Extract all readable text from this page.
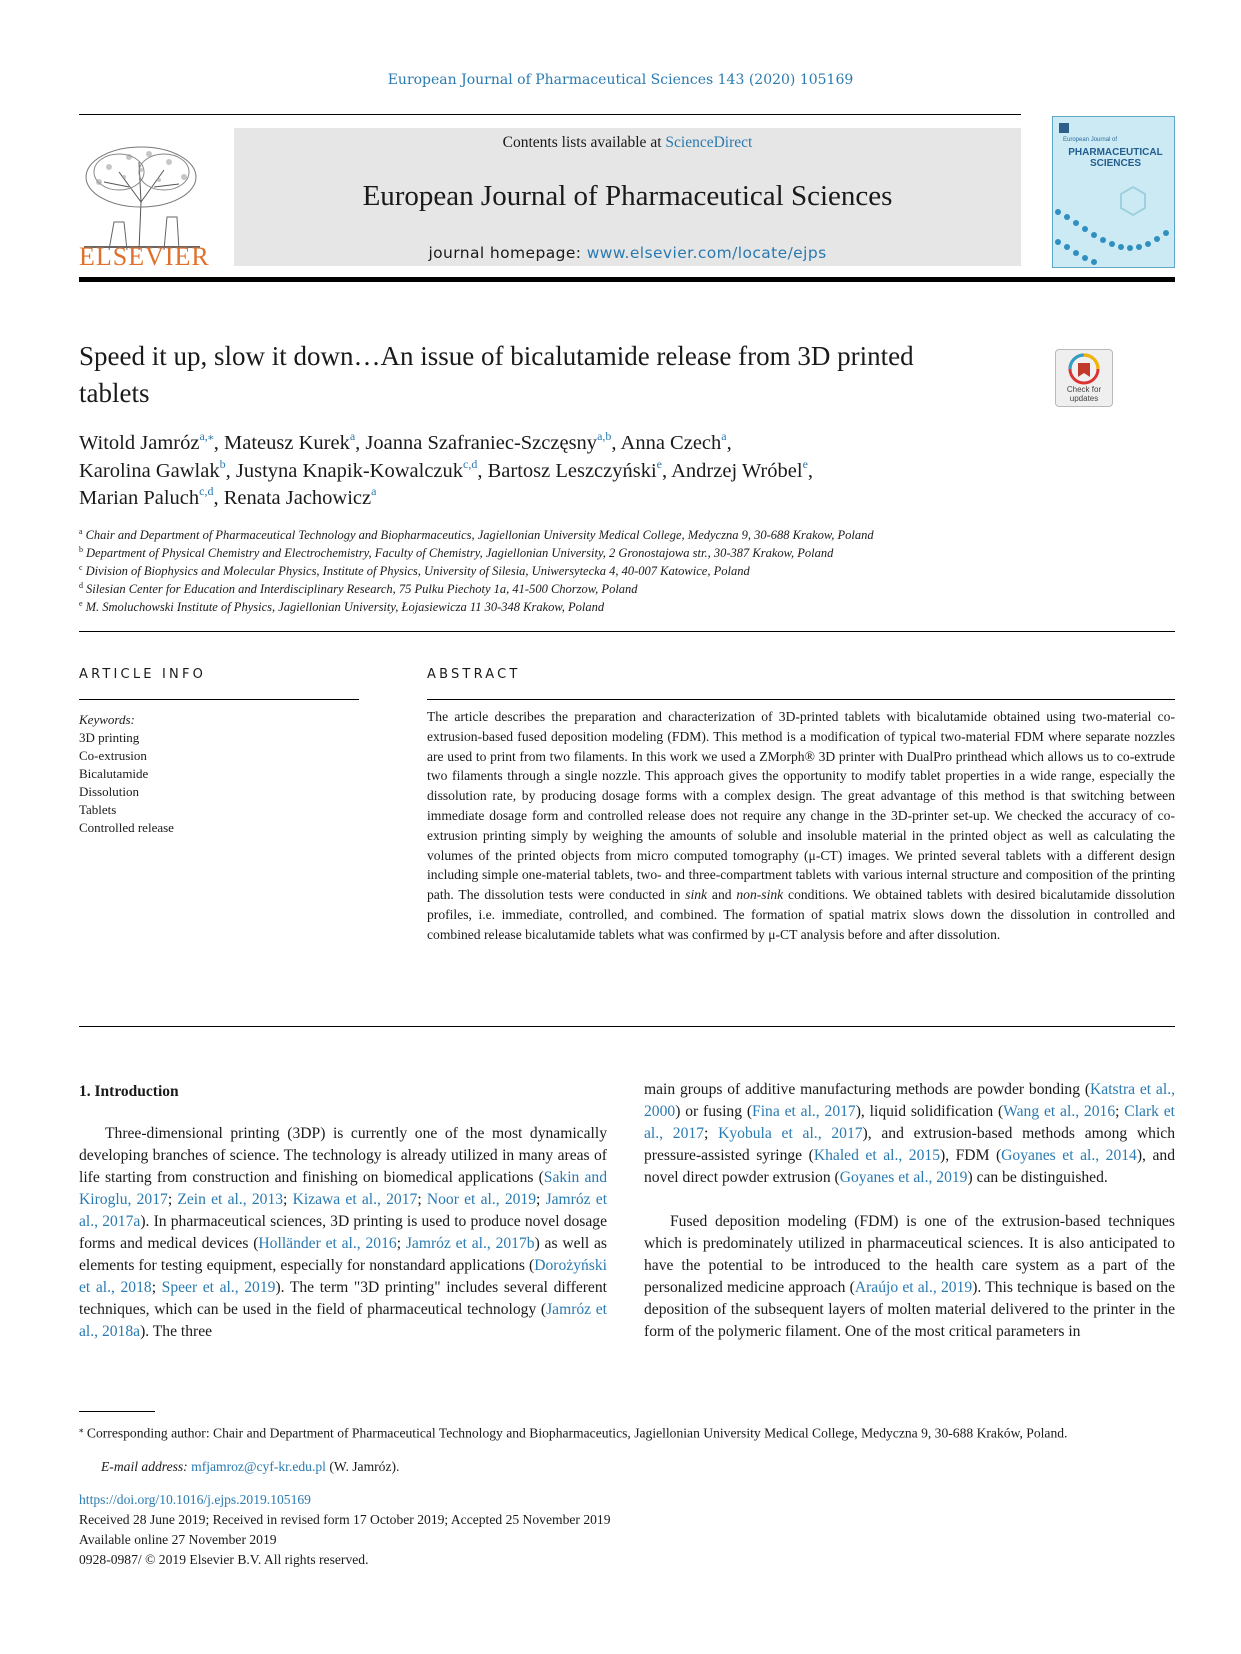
European Journal of Pharmaceutical Sciences 143 (2020) 105169
ELSEVIER
Contents lists available at ScienceDirect
European Journal of Pharmaceutical Sciences
journal homepage: www.elsevier.com/locate/ejps
European Journal of
PHARMACEUTICAL SCIENCES
Speed it up, slow it down…An issue of bicalutamide release from 3D printed
tablets	Check for
updates
Witold Jamróz$^{a,⁎}$, Mateusz Kurek$^a$, Joanna Szafraniec-Szczęsny$^{a,b}$, Anna Czech$^a$,
Karolina Gawlak$^b$, Justyna Knapik-Kowalczuk$^{c,d}$, Bartosz Leszczyński$^e$, Andrzej Wróbel$^e$,
Marian Paluch$^{c,d}$, Renata Jachowicz$^a$
$^a$ Chair and Department of Pharmaceutical Technology and Biopharmaceutics, Jagiellonian University Medical College, Medyczna 9, 30-688 Krakow, Poland
$^b$ Department of Physical Chemistry and Electrochemistry, Faculty of Chemistry, Jagiellonian University, 2 Gronostajowa str., 30-387 Krakow, Poland
$^c$ Division of Biophysics and Molecular Physics, Institute of Physics, University of Silesia, Uniwersytecka 4, 40-007 Katowice, Poland
$^d$ Silesian Center for Education and Interdisciplinary Research, 75 Pulku Piechoty 1a, 41-500 Chorzow, Poland
$^e$ M. Smoluchowski Institute of Physics, Jagiellonian University, Łojasiewicza 11 30-348 Krakow, Poland
ARTICLE INFO
Keywords:
3D printing
Co-extrusion
Bicalutamide
Dissolution
Tablets
Controlled release
ABSTRACT
The article describes the preparation and characterization of 3D-printed tablets with bicalutamide obtained using two-material co-extrusion-based fused deposition modeling (FDM). This method is a modification of typical two-material FDM where separate nozzles are used to print from two filaments. In this work we used a ZMorph® 3D printer with DualPro printhead which allows us to co-extrude two filaments through a single nozzle. This approach gives the opportunity to modify tablet properties in a wide range, especially the dissolution rate, by producing dosage forms with a complex design. The great advantage of this method is that switching between immediate dosage form and controlled release does not require any change in the 3D-printer set-up. We checked the accuracy of co-extrusion printing simply by weighing the amounts of soluble and insoluble material in the printed object as well as calculating the volumes of the printed objects from micro computed tomography (μ-CT) images. We printed several tablets with a different design including simple one-material tablets, two- and three-compartment tablets with various internal structure and composition of the printing path. The dissolution tests were conducted in sink and non-sink conditions. We obtained tablets with desired bicalutamide dissolution profiles, i.e. immediate, controlled, and combined. The formation of spatial matrix slows down the dissolution in controlled and combined release bicalutamide tablets what was confirmed by μ-CT analysis before and after dissolution.
1. Introduction
Three-dimensional printing (3DP) is currently one of the most dynamically developing branches of science. The technology is already utilized in many areas of life starting from construction and finishing on biomedical applications (Sakin and Kiroglu, 2017; Zein et al., 2013; Kizawa et al., 2017; Noor et al., 2019; Jamróz et al., 2017a). In pharmaceutical sciences, 3D printing is used to produce novel dosage forms and medical devices (Holländer et al., 2016; Jamróz et al., 2017b) as well as elements for testing equipment, especially for nonstandard applications (Dorożyński et al., 2018; Speer et al., 2019). The term "3D printing" includes several different techniques, which can be used in the field of pharmaceutical technology (Jamróz et al., 2018a). The three
main groups of additive manufacturing methods are powder bonding (Katstra et al., 2000) or fusing (Fina et al., 2017), liquid solidification (Wang et al., 2016; Clark et al., 2017; Kyobula et al., 2017), and extrusion-based methods among which pressure-assisted syringe (Khaled et al., 2015), FDM (Goyanes et al., 2014), and novel direct powder extrusion (Goyanes et al., 2019) can be distinguished.
Fused deposition modeling (FDM) is one of the extrusion-based techniques which is predominately utilized in pharmaceutical sciences. It is also anticipated to have the potential to be introduced to the health care system as a part of the personalized medicine approach (Araújo et al., 2019). This technique is based on the deposition of the subsequent layers of molten material delivered to the printer in the form of the polymeric filament. One of the most critical parameters in
⁎ Corresponding author: Chair and Department of Pharmaceutical Technology and Biopharmaceutics, Jagiellonian University Medical College, Medyczna 9, 30-688 Kraków, Poland.
E-mail address: mfjamroz@cyf-kr.edu.pl (W. Jamróz).
https://doi.org/10.1016/j.ejps.2019.105169
Received 28 June 2019; Received in revised form 17 October 2019; Accepted 25 November 2019
Available online 27 November 2019
0928-0987/ © 2019 Elsevier B.V. All rights reserved.
